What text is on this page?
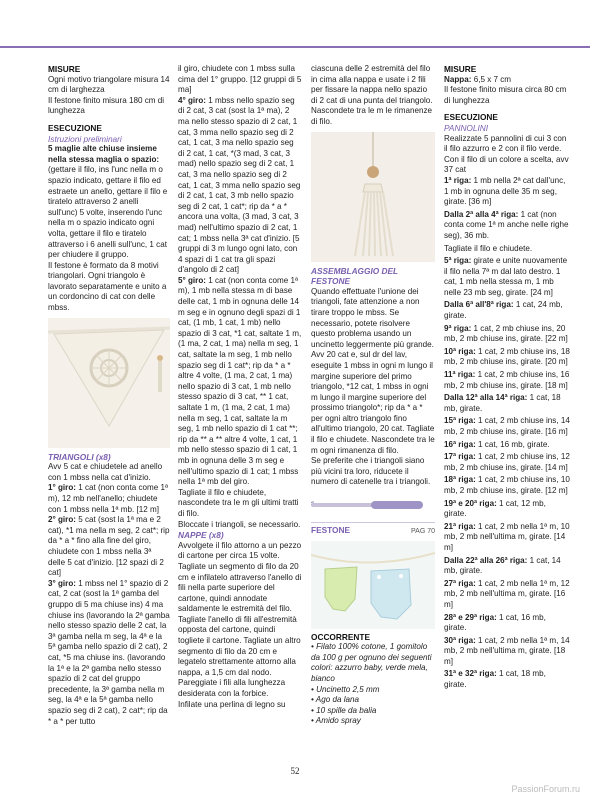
MISURE

Ogni motivo triangolare misura 14 cm di larghezza

Il festone finito misura 180 cm di lunghezza

ESECUZIONE
Istruzioni preliminari

5 maglie alte chiuse insieme nella stessa maglia o spazio: (gettare il filo, ins l'unc nella m o spazio indicato, gettare il filo ed estraete un anello, gettare il filo e tiratelo attraverso 2 anelli sull'unc) 5 volte, inserendo l'unc nella m o spazio indicato ogni volta, gettare il filo e tiratelo attraverso i 6 anelli sull'unc, 1 cat per chiudere il gruppo.

Il festone è formato da 8 motivi triangolari. Ogni triangolo è lavorato separatamente e unito a un cordoncino di cat con delle mbss.

TRIANGOLI (x8)

Avv 5 cat e chiudetele ad anello con 1 mbss nella cat d'inizio.

1° giro: 1 cat (non conta come 1ª m), 12 mb nell'anello; chiudete con 1 mbss nella 1ª mb. [12 m]

2° giro: 5 cat (sost la 1ª ma e 2 cat), *1 ma nella m seg, 2 cat*; rip da * a * fino alla fine del giro, chiudete con 1 mbss nella 3ª delle 5 cat d'inizio. [12 spazi di 2 cat]

3° giro: 1 mbss nel 1° spazio di 2 cat, 2 cat (sost la 1ª gamba del gruppo di 5 ma chiuse ins) 4 ma chiuse ins (lavorando la 2ª gamba nello stesso spazio delle 2 cat, la 3ª gamba nella m seg, la 4ª e la 5ª gamba nello spazio di 2 cat), 2 cat, *5 ma chiuse ins. (lavorando la 1ª e la 2ª gamba nello stesso spazio di 2 cat del gruppo precedente, la 3ª gamba nella m seg, la 4ª e la 5ª gamba nello spazio seg di 2 cat), 2 cat*; rip da * a * per tutto

il giro, chiudete con 1 mbss sulla cima del 1° gruppo. [12 gruppi di 5 ma]

4° giro: 1 mbss nello spazio seg di 2 cat, 3 cat (sost la 1ª ma), 2 ma nello stesso spazio di 2 cat, 1 cat, 3 mma nello spazio seg di 2 cat, 1 cat, 3 ma nello spazio seg di 2 cat, 1 cat, *(3 mad, 3 cat, 3 mad) nello spazio seg di 2 cat, 1 cat, 3 ma nello spazio seg di 2 cat, 1 cat, 3 mma nello spazio seg di 2 cat, 1 cat, 3 mb nello spazio seg di 2 cat, 1 cat*; rip da * a * ancora una volta, (3 mad, 3 cat, 3 mad) nell'ultimo spazio di 2 cat, 1 cat; 1 mbss nella 3ª cat d'inizio. [5 gruppi di 3 m lungo ogni lato, con 4 spazi di 1 cat tra gli spazi d'angolo di 2 cat]

5° giro: 1 cat (non conta come 1ª m), 1 mb nella stessa m di base delle cat, 1 mb in ognuna delle 14 m seg e in ognuno degli spazi di 1 cat, (1 mb, 1 cat, 1 mb) nello spazio di 3 cat, *1 cat, saltate 1 m, (1 ma, 2 cat, 1 ma) nella m seg, 1 cat, saltate la m seg, 1 mb nello spazio seg di 1 cat*; rip da * a * altre 4 volte, (1 ma, 2 cat, 1 ma) nello spazio di 3 cat, 1 mb nello stesso spazio di 3 cat, ** 1 cat, saltate 1 m, (1 ma, 2 cat, 1 ma) nella m seg, 1 cat, saltate la m seg, 1 mb nello spazio di 1 cat **; rip da ** a ** altre 4 volte, 1 cat, 1 mb nello stesso spazio di 1 cat, 1 mb in ognuna delle 3 m seg e nell'ultimo spazio di 1 cat; 1 mbss nella 1ª mb del giro.

Tagliate il filo e chiudete, nascondete tra le m gli ultimi tratti di filo.

Bloccate i triangoli, se necessario.

NAPPE (x8)

Avvolgete il filo attorno a un pezzo di cartone per circa 15 volte. Tagliate un segmento di filo da 20 cm e infilatelo attraverso l'anello di fili nella parte superiore del cartone, quindi annodate saldamente le estremità del filo. Tagliate l'anello di fili all'estremità opposta del cartone, quindi togliete il cartone. Tagliate un altro segmento di filo da 20 cm e legatelo strettamente attorno alla nappa, a 1,5 cm dal nodo. Pareggiate i fili alla lunghezza desiderata con la forbice.

Infilate una perlina di legno su

ciascuna delle 2 estremità del filo in cima alla nappa e usate i 2 fili per fissare la nappa nello spazio di 2 cat di una punta del triangolo. Nascondete tra le m le rimanenze di filo.

ASSEMBLAGGIO DEL FESTONE

Quando effettuate l'unione dei triangoli, fate attenzione a non tirare troppo le mbss. Se necessario, potete risolvere questo problema usando un uncinetto leggermente più grande.

Avv 20 cat e, sul dr del lav, eseguite 1 mbss in ogni m lungo il margine superiore del primo triangolo, *12 cat, 1 mbss in ogni m lungo il margine superiore del prossimo triangolo*; rip da * a * per ogni altro triangolo fino all'ultimo triangolo, 20 cat. Tagliate il filo e chiudete. Nascondete tra le m ogni rimanenza di filo.

Se preferite che i triangoli siano più vicini tra loro, riducete il numero di catenelle tra i triangoli.

FESTONE	PAG 70
OCCORRENTE

• Filato 100% cotone, 1 gomitolo da 100 g per ognuno dei seguenti colori: azzurro baby, verde mela, bianco

• Uncinetto 2,5 mm

• Ago da lana

• 10 spille da balia

• Amido spray

MISURE

Nappa: 6,5 x 7 cm

Il festone finito misura circa 80 cm di lunghezza

ESECUZIONE
PANNOLINI

Realizzate 5 pannolini di cui 3 con il filo azzurro e 2 con il filo verde.

Con il filo di un colore a scelta, avv 37 cat

1ª riga: 1 mb nella 2ª cat dall'unc, 1 mb in ognuna delle 35 m seg, girate. [36 m]

Dalla 2ª alla 4ª riga: 1 cat (non conta come 1ª m anche nelle righe seg), 36 mb.

Tagliate il filo e chiudete.

5ª riga: girate e unite nuovamente il filo nella 7ª m dal lato destro. 1 cat, 1 mb nella stessa m, 1 mb nelle 23 mb seg, girate. [24 m]

Dalla 6ª all'8ª riga: 1 cat, 24 mb, girate.

9ª riga: 1 cat, 2 mb chiuse ins, 20 mb, 2 mb chiuse ins, girate. [22 m]

10ª riga: 1 cat, 2 mb chiuse ins, 18 mb, 2 mb chiuse ins, girate. [20 m]

11ª riga: 1 cat, 2 mb chiuse ins, 16 mb, 2 mb chiuse ins, girate. [18 m]

Dalla 12ª alla 14ª riga: 1 cat, 18 mb, girate.

15ª riga: 1 cat, 2 mb chiuse ins, 14 mb, 2 mb chiuse ins, girate. [16 m]

16ª riga: 1 cat, 16 mb, girate.

17ª riga: 1 cat, 2 mb chiuse ins, 12 mb, 2 mb chiuse ins, girate. [14 m]

18ª riga: 1 cat, 2 mb chiuse ins, 10 mb, 2 mb chiuse ins, girate. [12 m]

19ª e 20ª riga: 1 cat, 12 mb, girate.

21ª riga: 1 cat, 2 mb nella 1ª m, 10 mb, 2 mb nell'ultima m, girate. [14 m]

Dalla 22ª alla 26ª riga: 1 cat, 14 mb, girate.

27ª riga: 1 cat, 2 mb nella 1ª m, 12 mb, 2 mb nell'ultima m, girate. [16 m]

28ª e 29ª riga: 1 cat, 16 mb, girate.

30ª riga: 1 cat, 2 mb nella 1ª m, 14 mb, 2 mb nell'ultima m, girate. [18 m]

31ª e 32ª riga: 1 cat, 18 mb, girate.

52
PassionForum.ru
